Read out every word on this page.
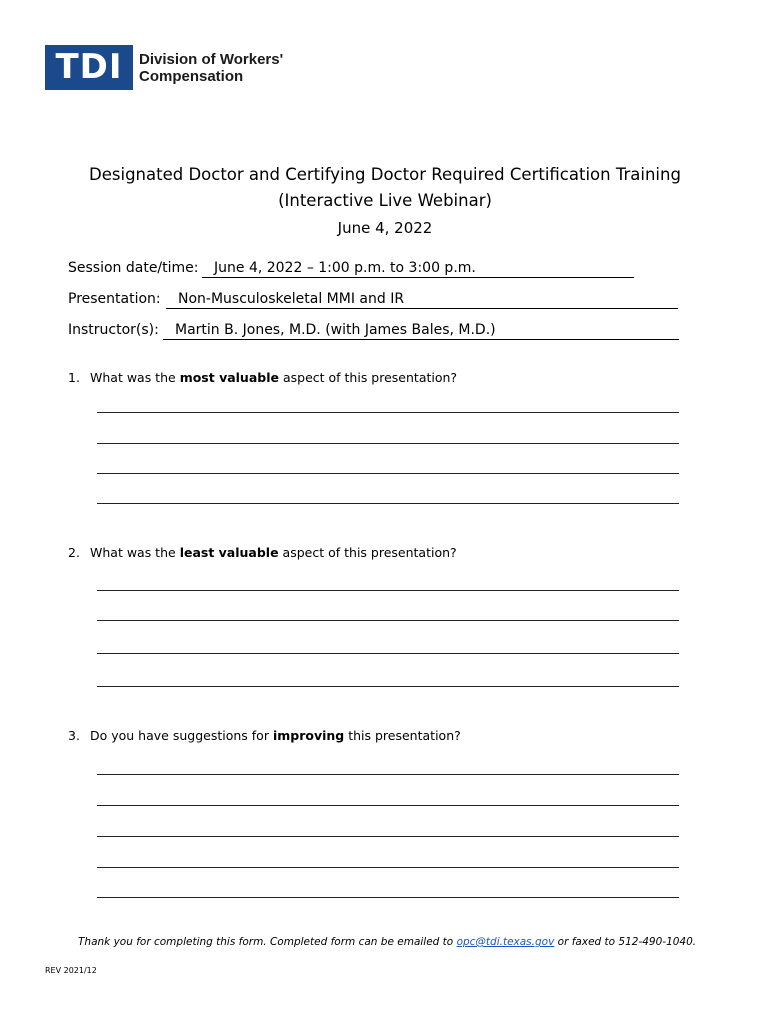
TDI	Division of Workers'
Compensation
Designated Doctor and Certifying Doctor Required Certification Training
(Interactive Live Webinar)
June 4, 2022
Session date/time:	June 4, 2022 – 1:00 p.m. to 3:00 p.m.
Presentation:	Non-Musculoskeletal MMI and IR
Instructor(s):	Martin B. Jones, M.D. (with James Bales, M.D.)
1. What was the most valuable aspect of this presentation?
2. What was the least valuable aspect of this presentation?
3. Do you have suggestions for improving this presentation?
Thank you for completing this form. Completed form can be emailed to opc@tdi.texas.gov or faxed to 512-490-1040.
REV 2021/12
